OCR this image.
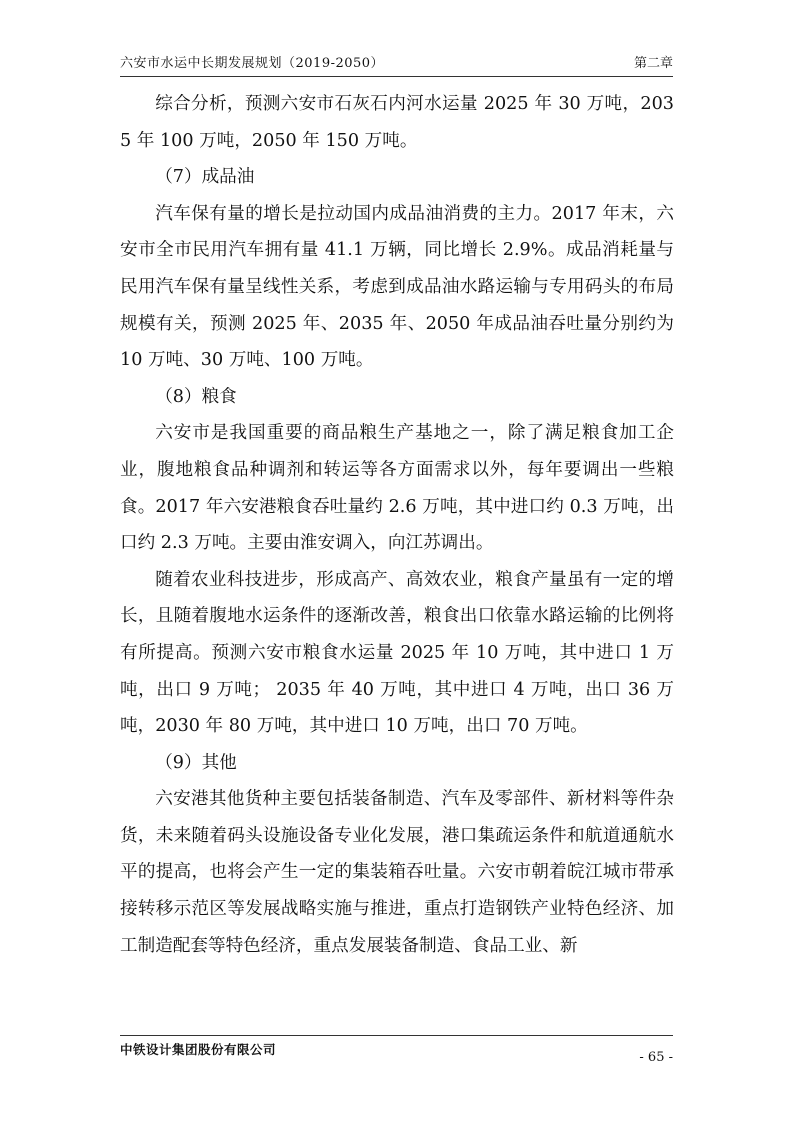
六安市水运中长期发展规划（2019-2050）	第二章

综合分析，预测六安市石灰石内河水运量 2025 年 30 万吨，2035 年 100 万吨，2050 年 150 万吨。

（7）成品油

汽车保有量的增长是拉动国内成品油消费的主力。2017 年末，六安市全市民用汽车拥有量 41.1 万辆，同比增长 2.9%。成品消耗量与民用汽车保有量呈线性关系，考虑到成品油水路运输与专用码头的布局规模有关，预测 2025 年、2035 年、2050 年成品油吞吐量分别约为 10 万吨、30 万吨、100 万吨。

（8）粮食

六安市是我国重要的商品粮生产基地之一，除了满足粮食加工企业，腹地粮食品种调剂和转运等各方面需求以外，每年要调出一些粮食。2017 年六安港粮食吞吐量约 2.6 万吨，其中进口约 0.3 万吨，出口约 2.3 万吨。主要由淮安调入，向江苏调出。

随着农业科技进步，形成高产、高效农业，粮食产量虽有一定的增长，且随着腹地水运条件的逐渐改善，粮食出口依靠水路运输的比例将有所提高。预测六安市粮食水运量 2025 年 10 万吨，其中进口 1 万吨，出口 9 万吨； 2035 年 40 万吨，其中进口 4 万吨，出口 36 万吨，2030 年 80 万吨，其中进口 10 万吨，出口 70 万吨。

（9）其他

六安港其他货种主要包括装备制造、汽车及零部件、新材料等件杂货，未来随着码头设施设备专业化发展，港口集疏运条件和航道通航水平的提高，也将会产生一定的集装箱吞吐量。六安市朝着皖江城市带承接转移示范区等发展战略实施与推进，重点打造钢铁产业特色经济、加工制造配套等特色经济，重点发展装备制造、食品工业、新

中铁设计集团股份有限公司
- 65 -
